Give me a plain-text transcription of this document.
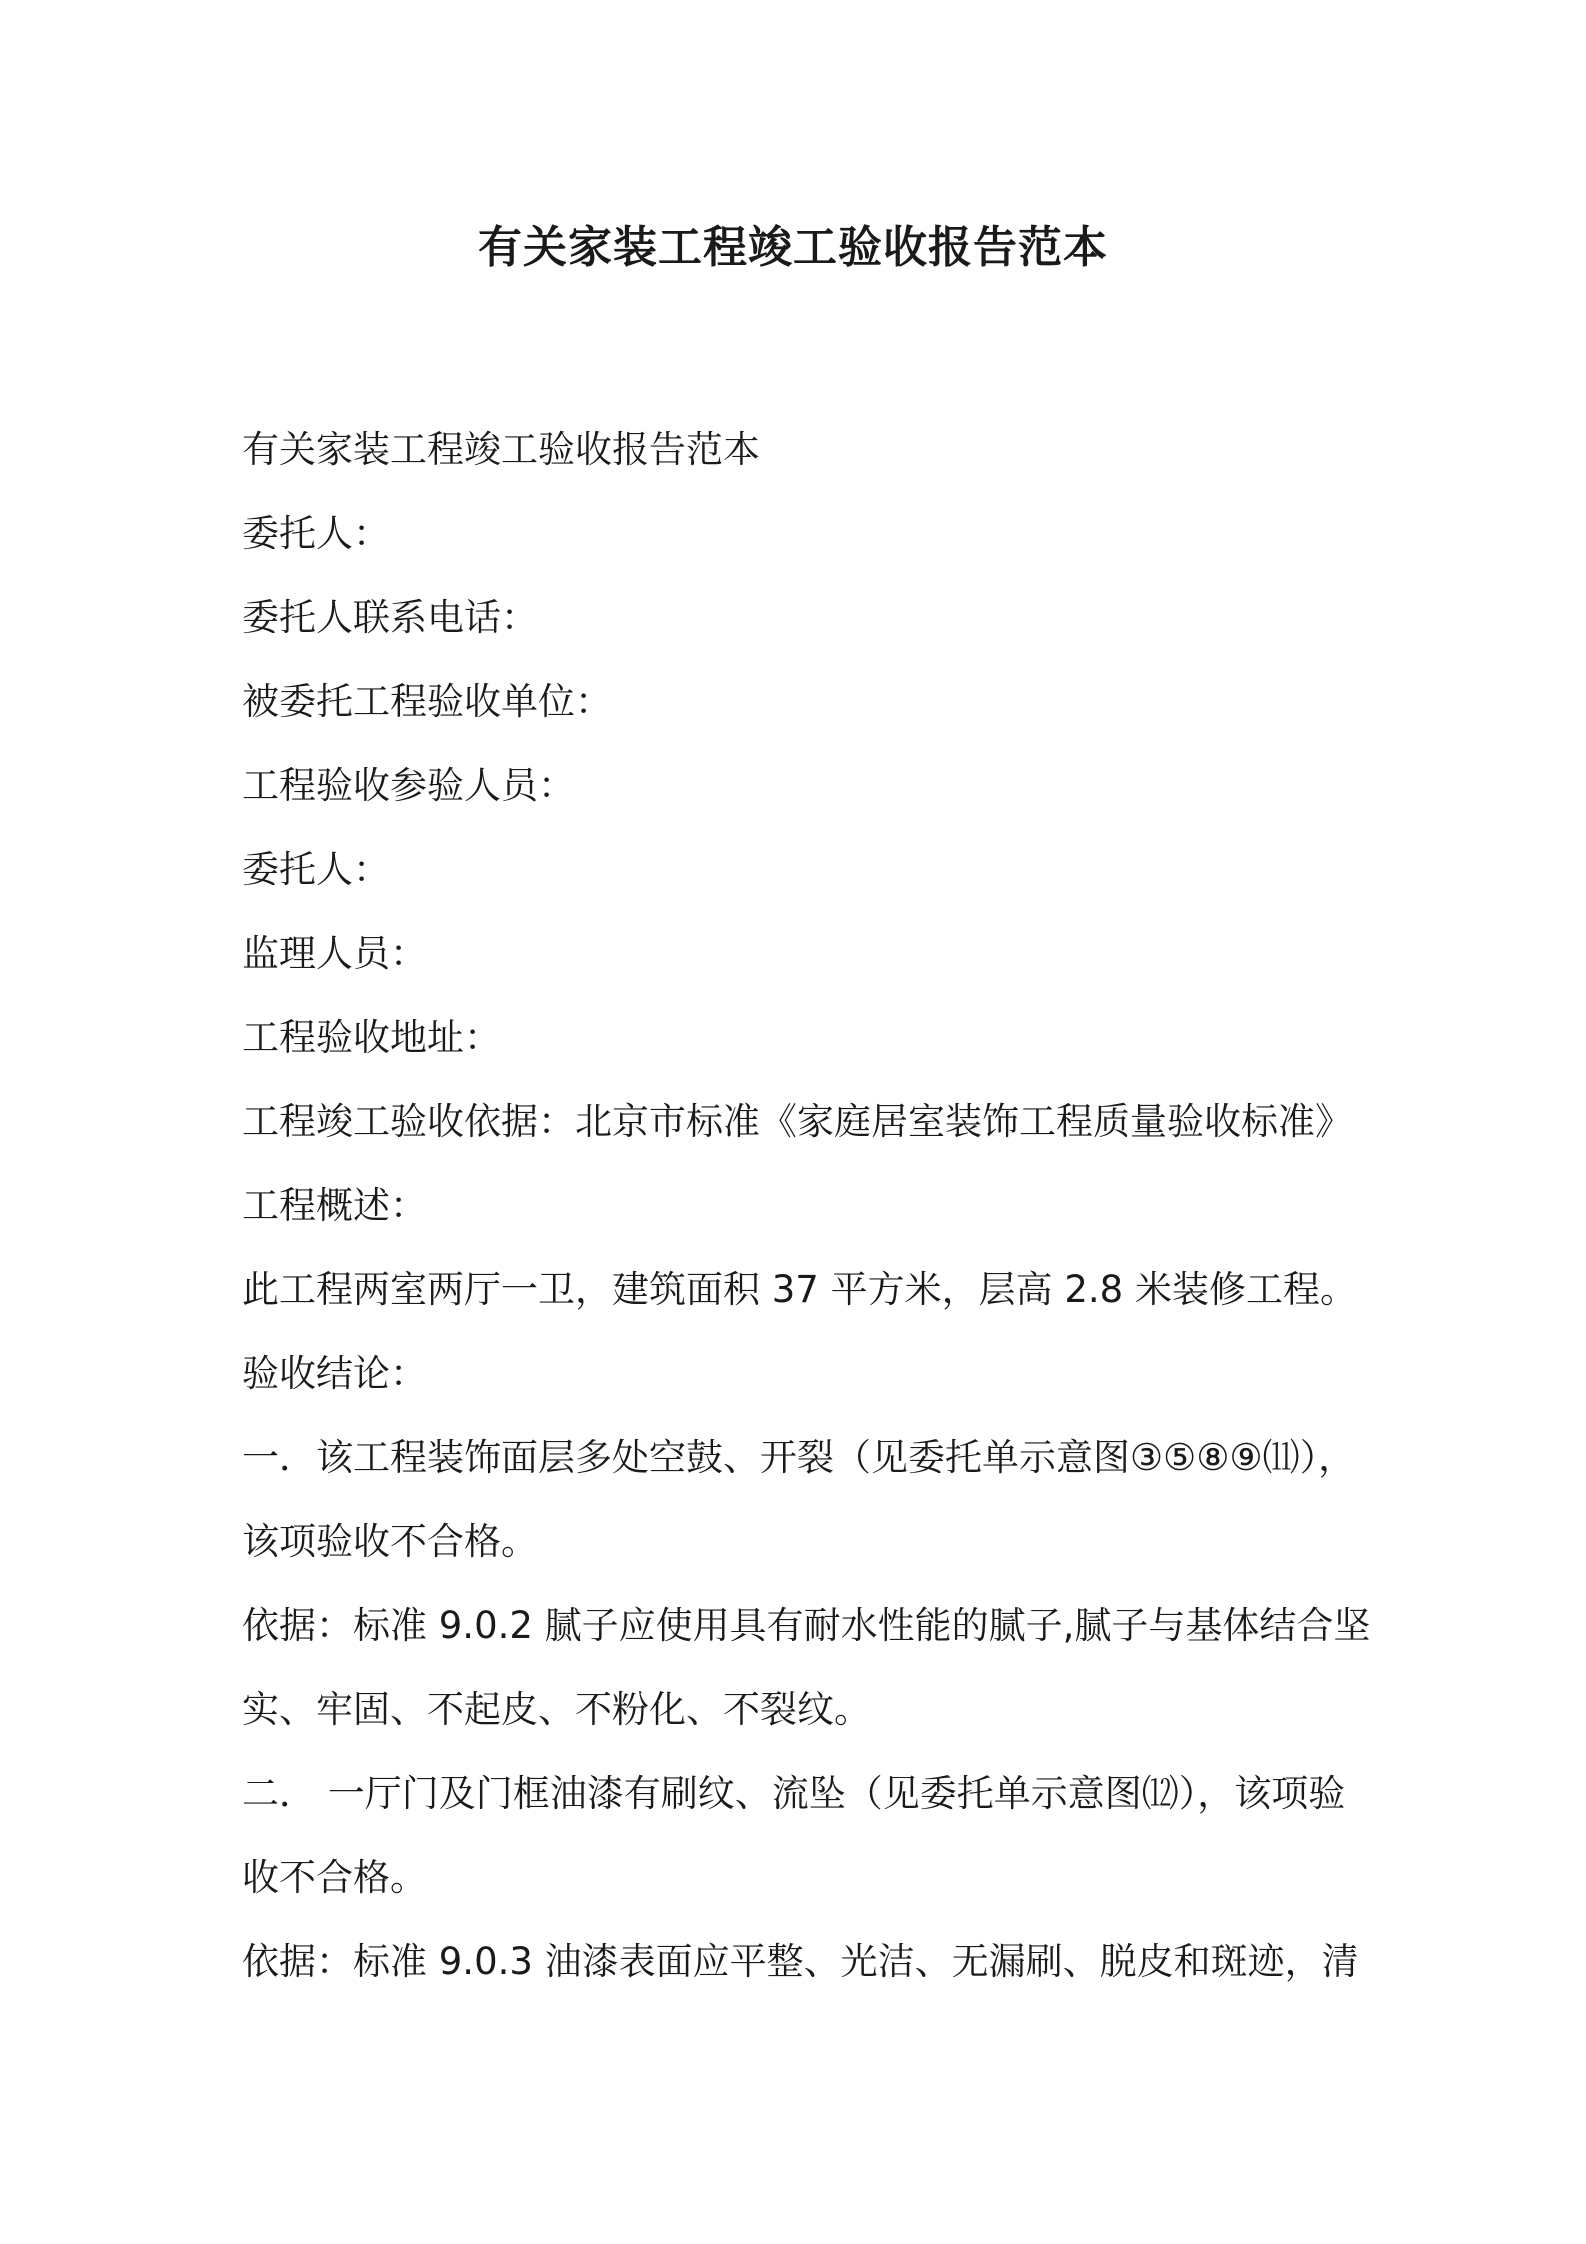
有关家装工程竣工验收报告范本

有关家装工程竣工验收报告范本

委托人：

委托人联系电话：

被委托工程验收单位：

工程验收参验人员：

委托人：

监理人员：

工程验收地址：

工程竣工验收依据：北京市标准《家庭居室装饰工程质量验收标准》

工程概述：

此工程两室两厅一卫，建筑面积 37 平方米，层高 2.8 米装修工程。

验收结论：

一．该工程装饰面层多处空鼓、开裂（见委托单示意图③⑤⑧⑨⑾），

该项验收不合格。

依据：标准 9.0.2 腻子应使用具有耐水性能的腻子,腻子与基体结合坚

实、牢固、不起皮、不粉化、不裂纹。

二． 一厅门及门框油漆有刷纹、流坠（见委托单示意图⑿），该项验

收不合格。

依据：标准 9.0.3 油漆表面应平整、光洁、无漏刷、脱皮和斑迹，清
